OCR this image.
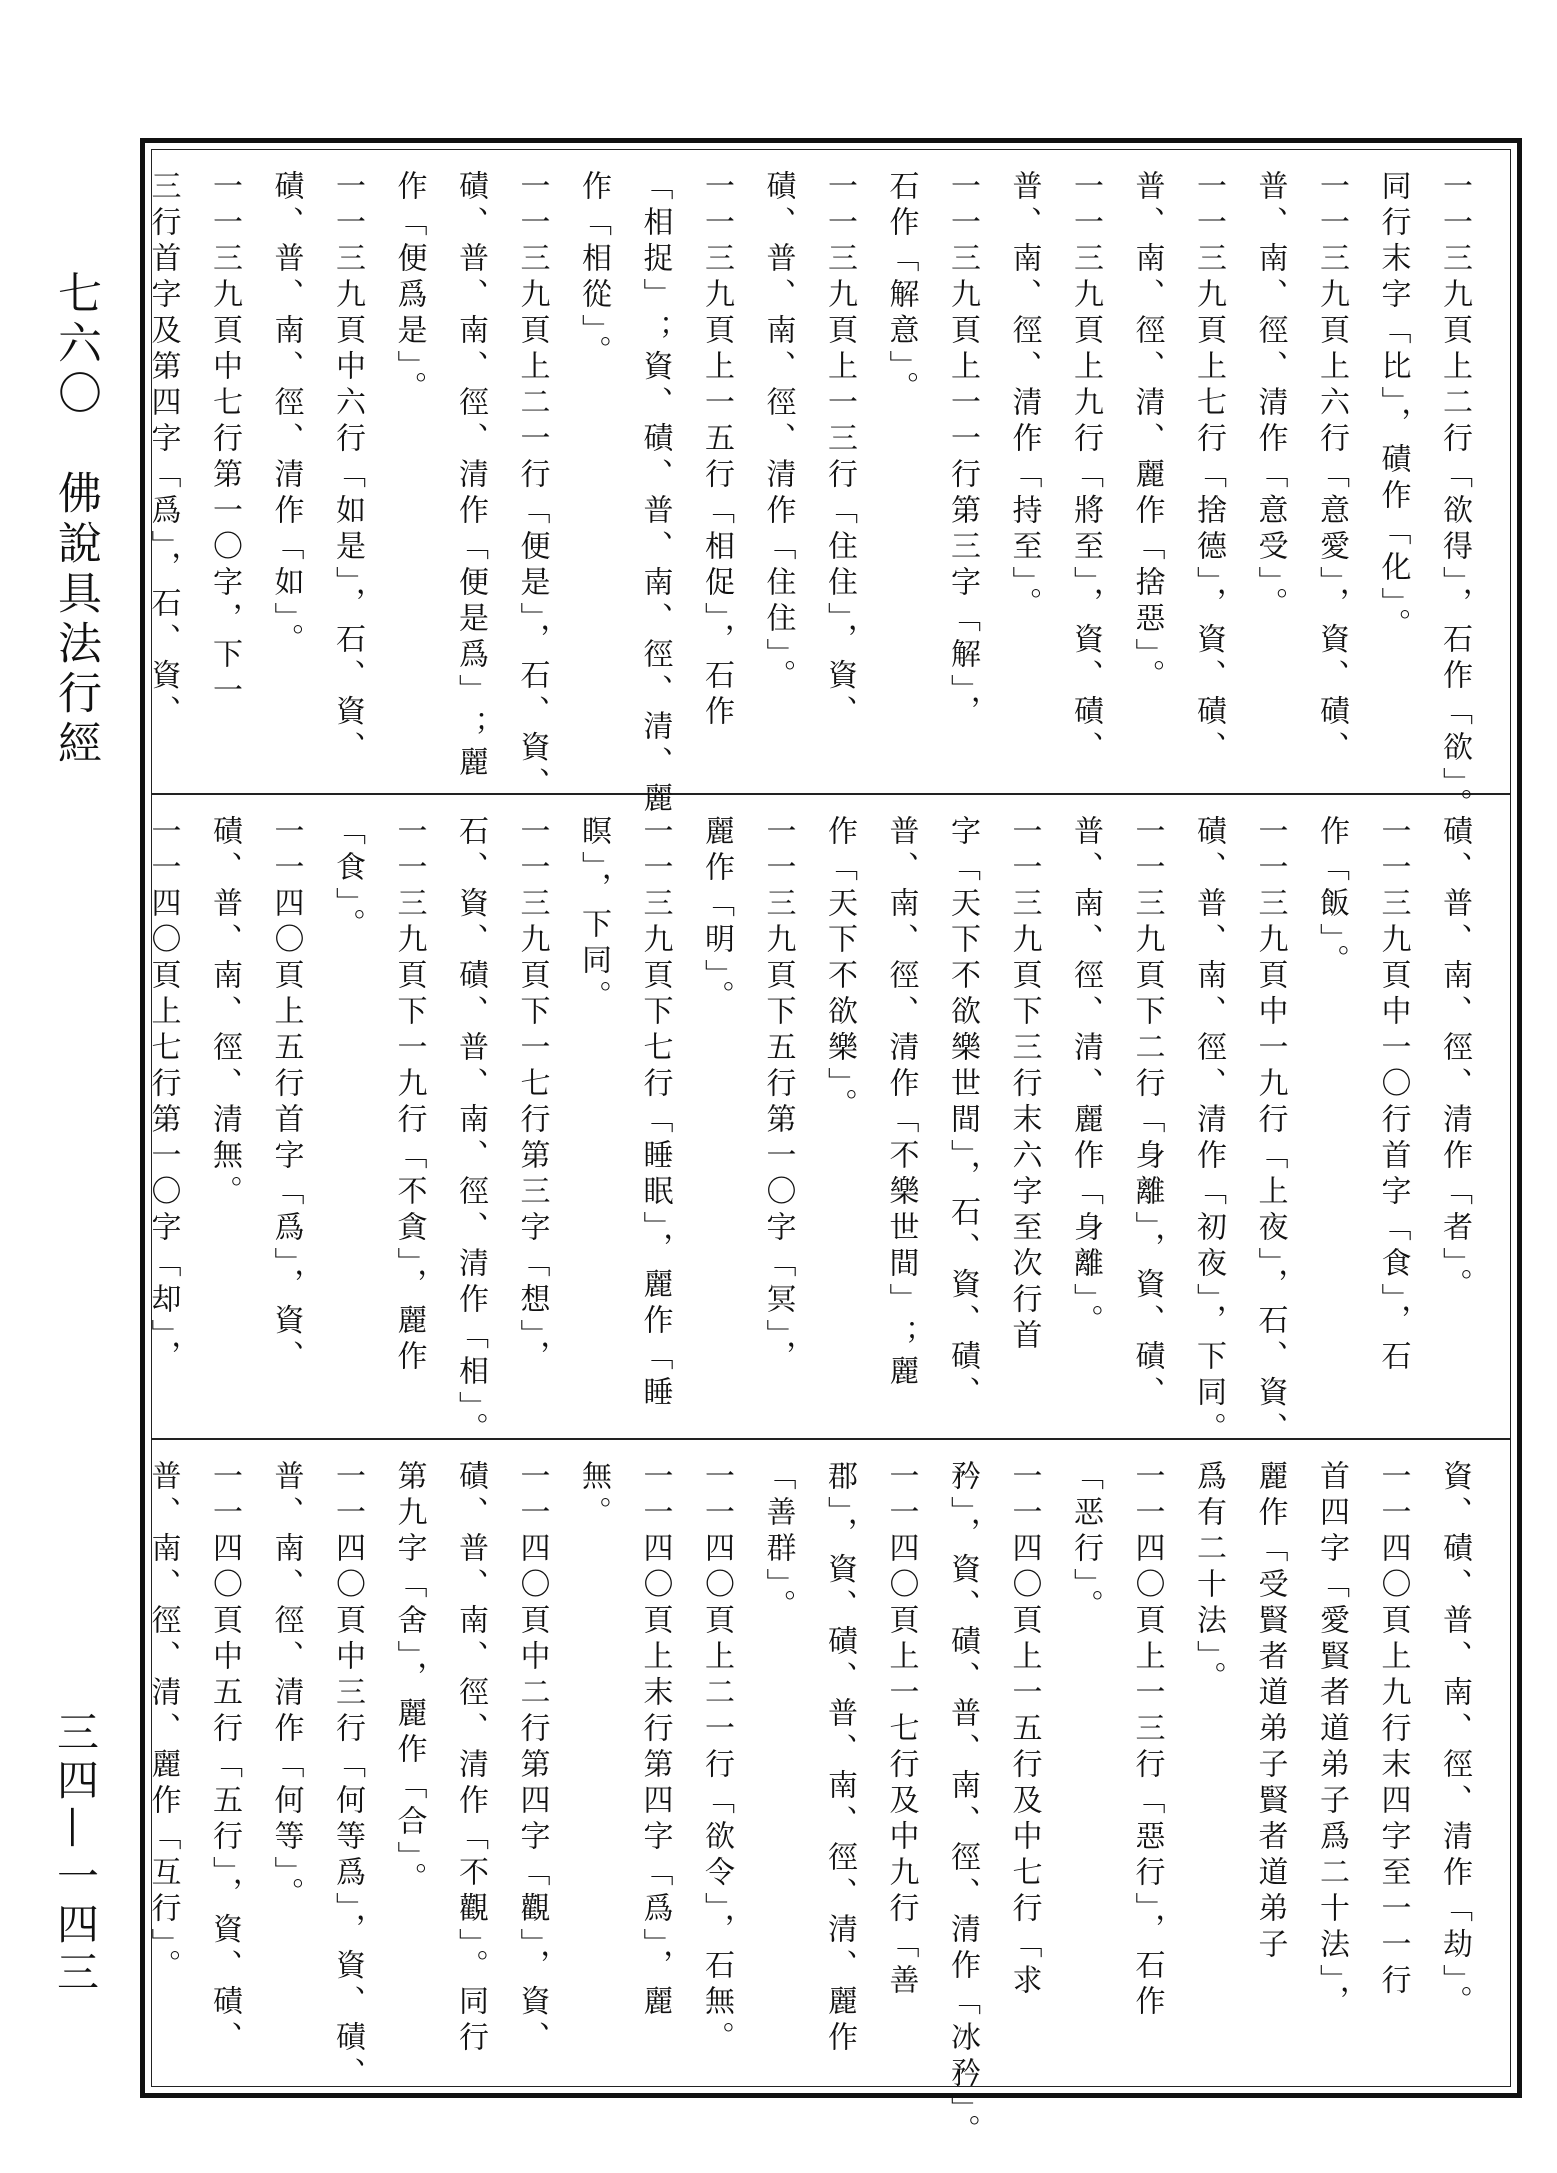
七六〇　佛說具法行經
三四—一四三
一一三九頁上二行「欲得」，石作「欲」。
同行末字「比」，磧作「化」。
一一三九頁上六行「意愛」，資、磧、
普、南、徑、清作「意受」。
一一三九頁上七行「捨德」，資、磧、
普、南、徑、清、麗作「捨惡」。
一一三九頁上九行「將至」，資、磧、
普、南、徑、清作「持至」。
一一三九頁上一一行第三字「解」，
石作「解意」。
一一三九頁上一三行「住住」，資、
磧、普、南、徑、清作「住住」。
一一三九頁上一五行「相促」，石作
「相捉」；資、磧、普、南、徑、清、麗
作「相從」。
一一三九頁上二一行「便是」，石、資、
磧、普、南、徑、清作「便是爲」；麗
作「便爲是」。
一一三九頁中六行「如是」，石、資、
磧、普、南、徑、清作「如」。
一一三九頁中七行第一〇字，下一
三行首字及第四字「爲」，石、資、
磧、普、南、徑、清作「者」。
一一三九頁中一〇行首字「食」，石
作「飯」。
一一三九頁中一九行「上夜」，石、資、
磧、普、南、徑、清作「初夜」，下同。
一一三九頁下二行「身離」，資、磧、
普、南、徑、清、麗作「身離」。
一一三九頁下三行末六字至次行首
字「天下不欲樂世間」，石、資、磧、
普、南、徑、清作「不樂世間」；麗
作「天下不欲樂」。
一一三九頁下五行第一〇字「冥」，
麗作「明」。
一一三九頁下七行「睡眠」，麗作「睡
瞑」，下同。
一一三九頁下一七行第三字「想」，
石、資、磧、普、南、徑、清作「相」。
一一三九頁下一九行「不貪」，麗作
「食」。
一一四〇頁上五行首字「爲」，資、
磧、普、南、徑、清無。
一一四〇頁上七行第一〇字「却」，
資、磧、普、南、徑、清作「劫」。
一一四〇頁上九行末四字至一一行
首四字「愛賢者道弟子爲二十法」，
麗作「受賢者道弟子賢者道弟子
爲有二十法」。
一一四〇頁上一三行「惡行」，石作
「恶行」。
一一四〇頁上一五行及中七行「求
矜」，資、磧、普、南、徑、清作「冰矜」。
一一四〇頁上一七行及中九行「善
郡」，資、磧、普、南、徑、清、麗作
「善群」。
一一四〇頁上二一行「欲令」，石無。
一一四〇頁上末行第四字「爲」，麗
無。
一一四〇頁中二行第四字「觀」，資、
磧、普、南、徑、清作「不觀」。同行
第九字「舍」，麗作「合」。
一一四〇頁中三行「何等爲」，資、磧、
普、南、徑、清作「何等」。
一一四〇頁中五行「五行」，資、磧、
普、南、徑、清、麗作「互行」。
